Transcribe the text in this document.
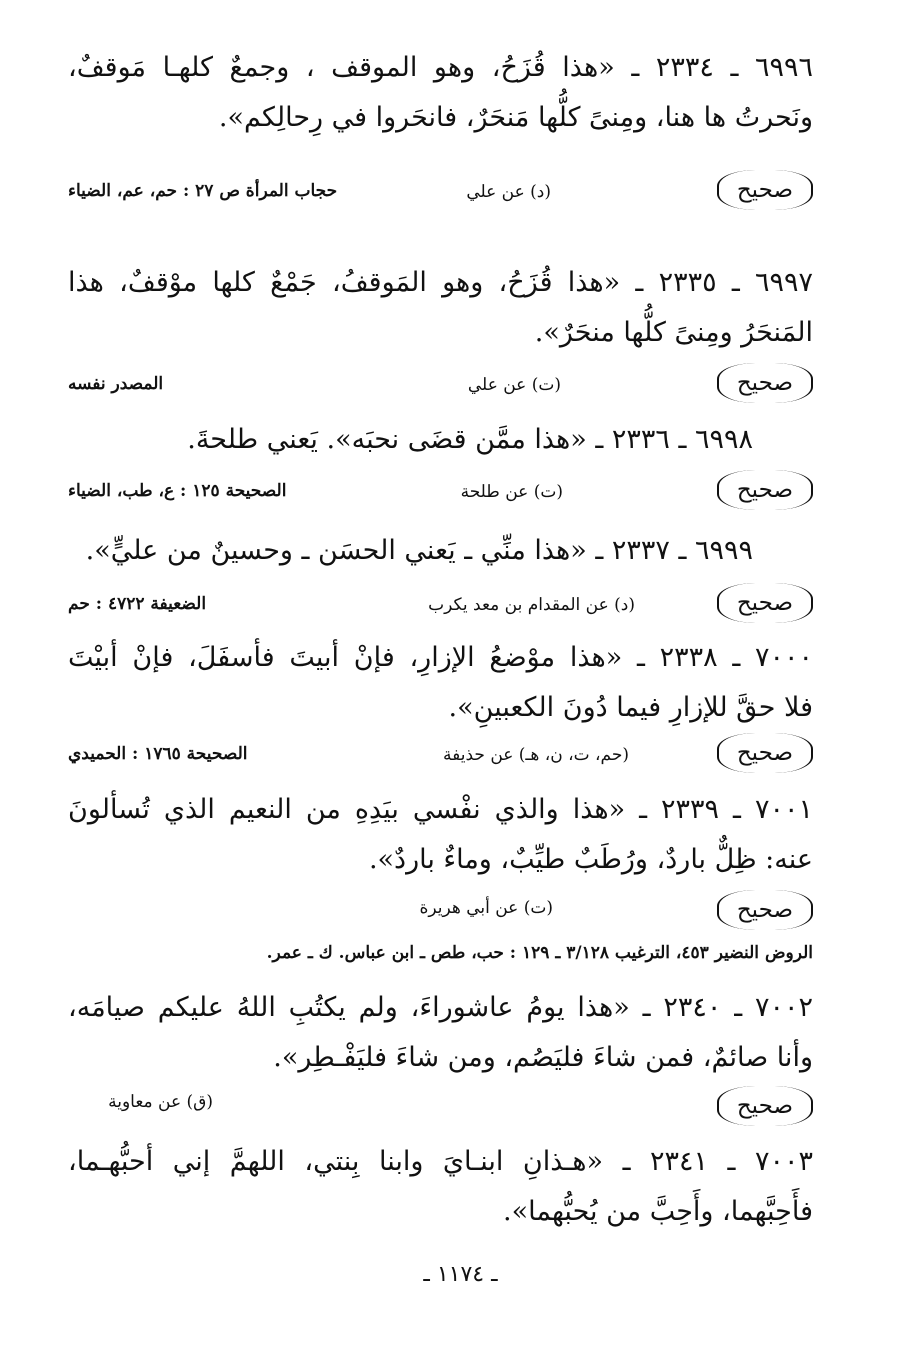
٦٩٩٦ ـ ٢٣٣٤ ـ «هذا قُزَحُ، وهو الموقف ، وجمعٌ كلهـا مَوقفٌ،
ونَحرتُ ها هنا، ومِنىً كلُّها مَنحَرٌ، فانحَروا في رِحالِكم».
صحيح
(د) عن علي
حجاب المرأة ص ٢٧ : حم، عم، الضياء
٦٩٩٧ ـ ٢٣٣٥ ـ «هذا قُزَحُ، وهو المَوقفُ، جَمْعٌ كلها موْقفٌ، هذا
المَنحَرُ ومِنىً كلُّها منحَرٌ».
صحيح
(ت) عن علي
المصدر نفسه
٦٩٩٨ ـ ٢٣٣٦ ـ «هذا ممَّن قضَى نحبَه». يَعني طلحةَ.
صحيح
(ت) عن طلحة
الصحيحة ١٢٥ : ع، طب، الضياء
٦٩٩٩ ـ ٢٣٣٧ ـ «هذا منِّي ـ يَعني الحسَن ـ وحسينٌ من عليٍّ».
صحيح
(د) عن المقدام بن معد يكرب
الضعيفة ٤٧٢٢ : حم
٧٠٠٠ ـ ٢٣٣٨ ـ «هذا موْضعُ الإزارِ، فإنْ أبيتَ فأسفَلَ، فإنْ أبيْتَ
فلا حقَّ للإزارِ فيما دُونَ الكعبينِ».
صحيح
(حم، ت، ن، هـ) عن حذيفة
الصحيحة ١٧٦٥ : الحميدي
٧٠٠١ ـ ٢٣٣٩ ـ «هذا والذي نفْسي بيَدِهِ من النعيم الذي تُسألونَ
عنه: ظِلٌّ باردٌ، ورُطَبٌ طيِّبٌ، وماءٌ باردٌ».
صحيح
(ت) عن أبي هريرة
الروض النضير ٤٥٣، الترغيب ٣/١٢٨ ـ ١٢٩ : حب، طص ـ ابن عباس. ك ـ عمر.
٧٠٠٢ ـ ٢٣٤٠ ـ «هذا يومُ عاشوراءَ، ولم يكتُبِ اللهُ عليكم صيامَه،
وأنا صائمٌ، فمن شاءَ فليَصُم، ومن شاءَ فليَفْـطِر».
صحيح
(ق) عن معاوية
٧٠٠٣ ـ ٢٣٤١ ـ «هـذانِ ابنـايَ وابنا بِنتي، اللهمَّ إني أحبُّهـما،
فأَحِبَّهما، وأَحِبَّ من يُحبُّهما».
ـ ١١٧٤ ـ
